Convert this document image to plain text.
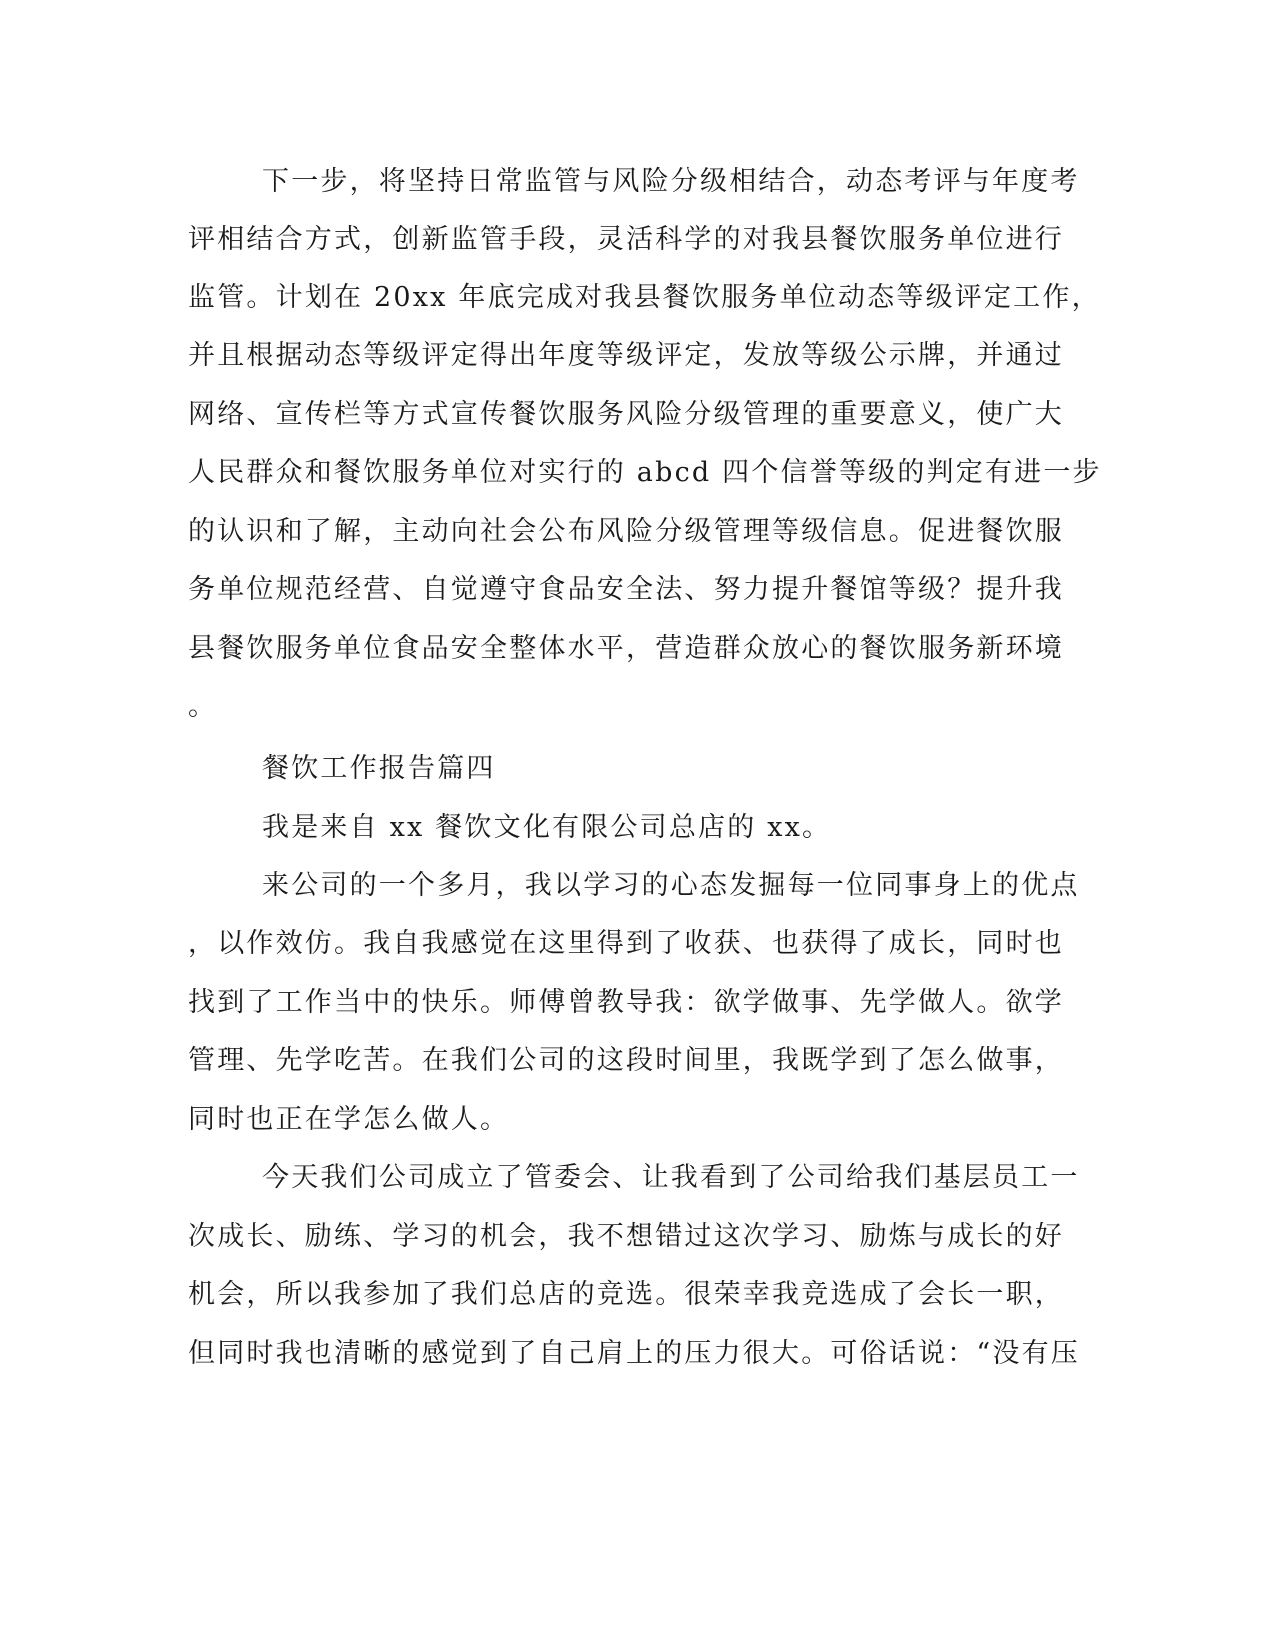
下一步，将坚持日常监管与风险分级相结合，动态考评与年度考

评相结合方式，创新监管手段，灵活科学的对我县餐饮服务单位进行

监管。计划在 20xx 年底完成对我县餐饮服务单位动态等级评定工作，

并且根据动态等级评定得出年度等级评定，发放等级公示牌，并通过

网络、宣传栏等方式宣传餐饮服务风险分级管理的重要意义，使广大

人民群众和餐饮服务单位对实行的 abcd 四个信誉等级的判定有进一步

的认识和了解，主动向社会公布风险分级管理等级信息。促进餐饮服

务单位规范经营、自觉遵守食品安全法、努力提升餐馆等级？提升我

县餐饮服务单位食品安全整体水平，营造群众放心的餐饮服务新环境

。

餐饮工作报告篇四

我是来自 xx 餐饮文化有限公司总店的 xx。

来公司的一个多月，我以学习的心态发掘每一位同事身上的优点

，以作效仿。我自我感觉在这里得到了收获、也获得了成长，同时也

找到了工作当中的快乐。师傅曾教导我：欲学做事、先学做人。欲学

管理、先学吃苦。在我们公司的这段时间里，我既学到了怎么做事，

同时也正在学怎么做人。

今天我们公司成立了管委会、让我看到了公司给我们基层员工一

次成长、励练、学习的机会，我不想错过这次学习、励炼与成长的好

机会，所以我参加了我们总店的竞选。很荣幸我竞选成了会长一职，

但同时我也清晰的感觉到了自己肩上的压力很大。可俗话说：“没有压
